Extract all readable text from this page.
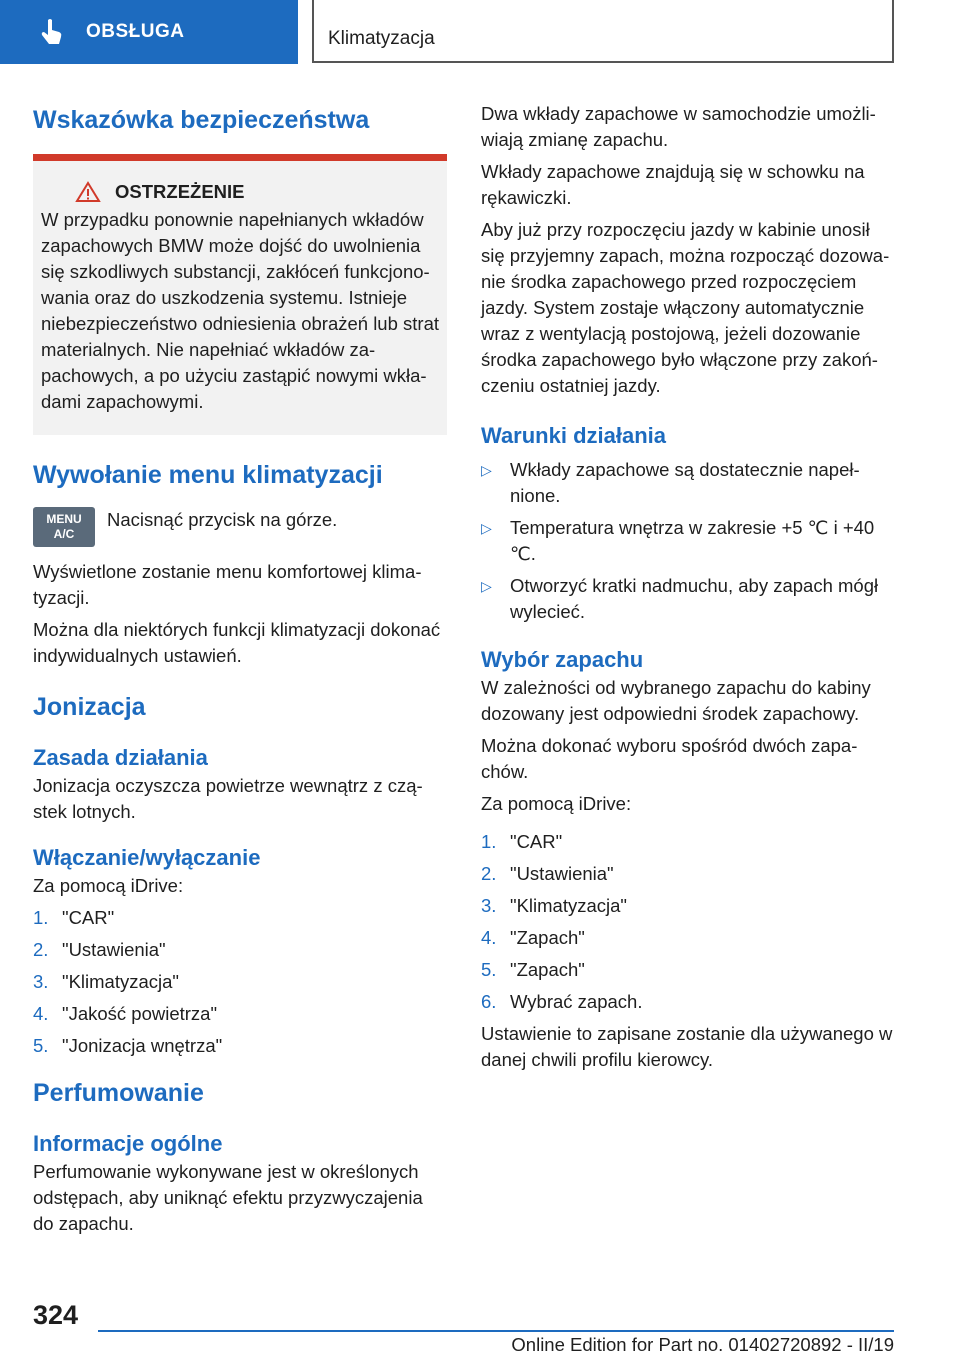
OBSŁUGA	Klimatyzacja
Wskazówka bezpieczeństwa
OSTRZEŻENIE

W przypadku ponownie napełnianych wkładów zapachowych BMW może dojść do uwolnienia się szkodliwych substancji, zakłóceń funkcjonowania oraz do uszkodzenia systemu. Istnieje niebezpieczeństwo odniesienia obrażeń lub strat materialnych. Nie napełniać wkładów zapachowych, a po użyciu zastąpić nowymi wkładami zapachowymi.

Wywołanie menu klimatyzacji
MENU
A/C

Nacisnąć przycisk na górze.

Wyświetlone zostanie menu komfortowej klimatyzacji.

Można dla niektórych funkcji klimatyzacji dokonać indywidualnych ustawień.

Jonizacja
Zasada działania

Jonizacja oczyszcza powietrze wewnątrz z cząstek lotnych.

Włączanie/wyłączanie

Za pomocą iDrive:

1. "CAR"
2. "Ustawienia"
3. "Klimatyzacja"
4. "Jakość powietrza"
5. "Jonizacja wnętrza"
Perfumowanie
Informacje ogólne

Perfumowanie wykonywane jest w określonych odstępach, aby uniknąć efektu przyzwyczajenia do zapachu.

Dwa wkłady zapachowe w samochodzie umożliwiają zmianę zapachu.

Wkłady zapachowe znajdują się w schowku na rękawiczki.

Aby już przy rozpoczęciu jazdy w kabinie unosił się przyjemny zapach, można rozpocząć dozowanie środka zapachowego przed rozpoczęciem jazdy. System zostaje włączony automatycznie wraz z wentylacją postojową, jeżeli dozowanie środka zapachowego było włączone przy zakończeniu ostatniej jazdy.

Warunki działania
▷ Wkłady zapachowe są dostatecznie napełnione.
▷ Temperatura wnętrza w zakresie +5 ℃ i +40 ℃.
▷ Otworzyć kratki nadmuchu, aby zapach mógł wylecieć.
Wybór zapachu

W zależności od wybranego zapachu do kabiny dozowany jest odpowiedni środek zapachowy.

Można dokonać wyboru spośród dwóch zapachów.

Za pomocą iDrive:

1. "CAR"
2. "Ustawienia"
3. "Klimatyzacja"
4. "Zapach"
5. "Zapach"
6. Wybrać zapach.

Ustawienie to zapisane zostanie dla używanego w danej chwili profilu kierowcy.

324
Online Edition for Part no. 01402720892 - II/19
